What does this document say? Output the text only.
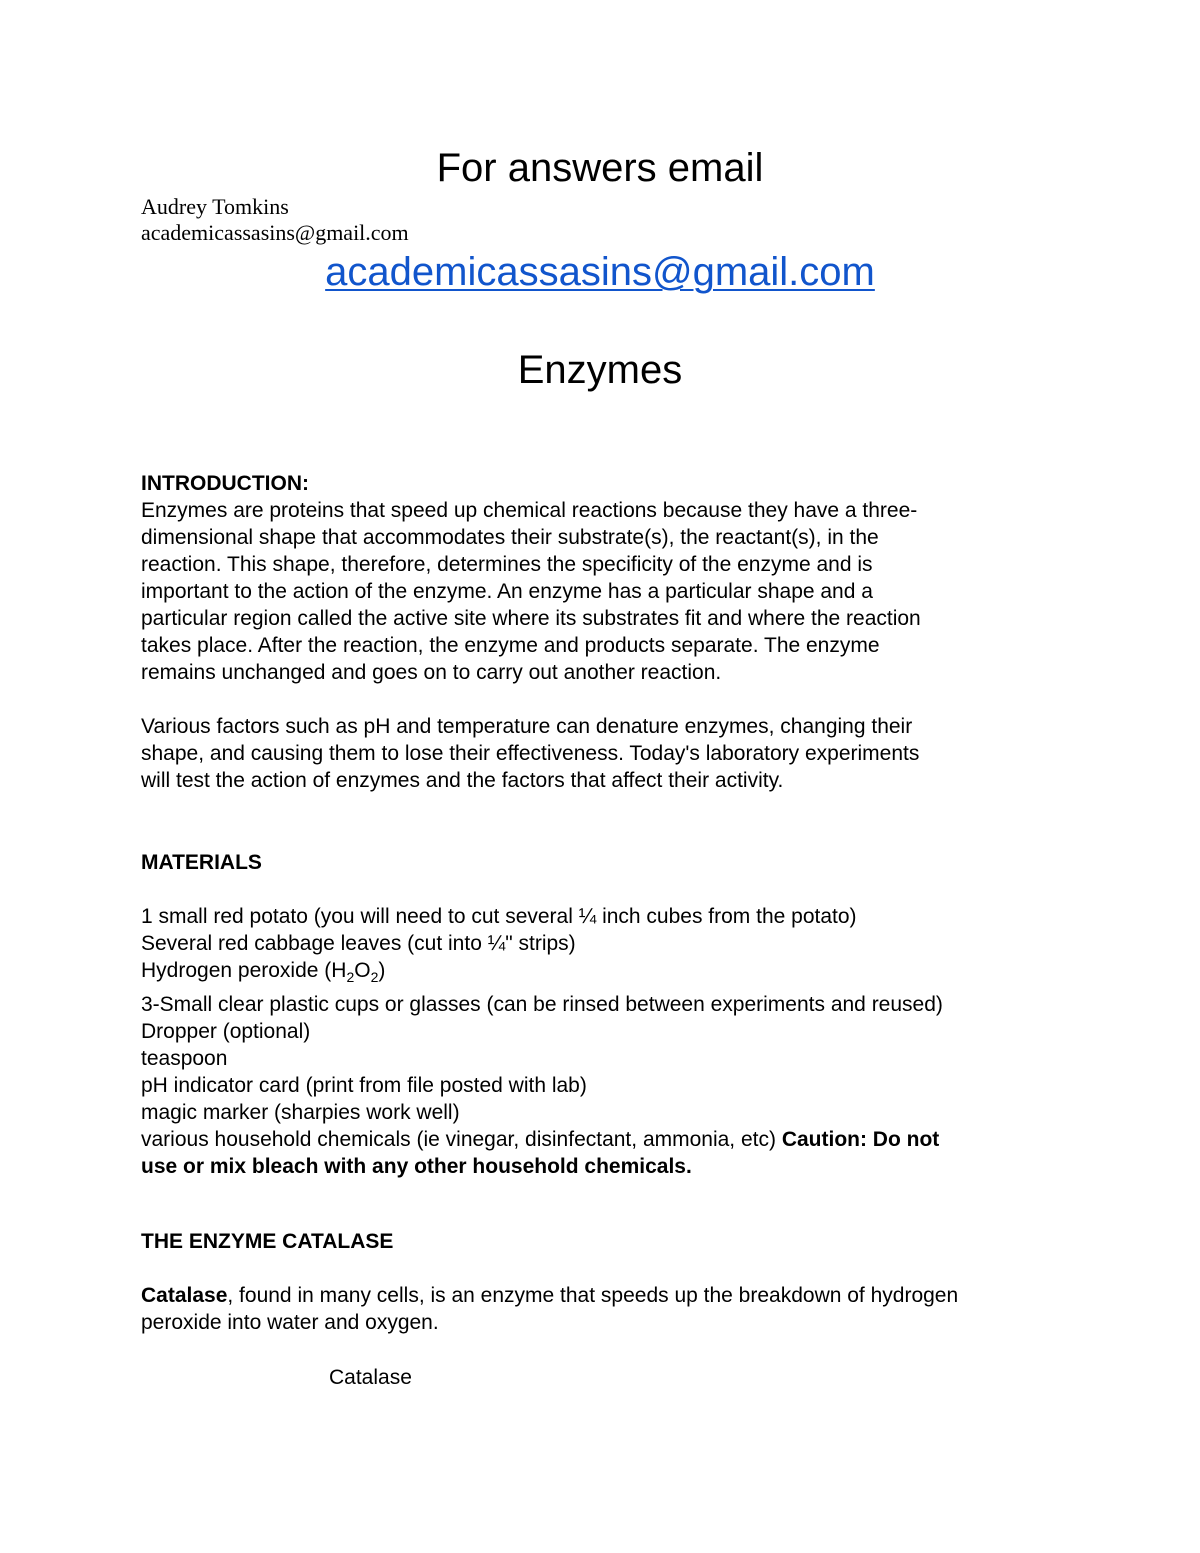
For answers email
Audrey Tomkins
academicassasins@gmail.com
academicassasins@gmail.com
Enzymes
INTRODUCTION:
Enzymes are proteins that speed up chemical reactions because they have a three-
dimensional shape that accommodates their substrate(s), the reactant(s), in the
reaction. This shape, therefore, determines the specificity of the enzyme and is
important to the action of the enzyme. An enzyme has a particular shape and a
particular region called the active site where its substrates fit and where the reaction
takes place. After the reaction, the enzyme and products separate. The enzyme
remains unchanged and goes on to carry out another reaction.
Various factors such as pH and temperature can denature enzymes, changing their
shape, and causing them to lose their effectiveness. Today's laboratory experiments
will test the action of enzymes and the factors that affect their activity.
MATERIALS
1 small red potato (you will need to cut several ¼ inch cubes from the potato)
Several red cabbage leaves (cut into ¼" strips)
Hydrogen peroxide $(H_2O_2)$
3-Small clear plastic cups or glasses (can be rinsed between experiments and reused)
Dropper (optional)
teaspoon
pH indicator card (print from file posted with lab)
magic marker (sharpies work well)
various household chemicals (ie vinegar, disinfectant, ammonia, etc) Caution: Do not
use or mix bleach with any other household chemicals.
THE ENZYME CATALASE
Catalase, found in many cells, is an enzyme that speeds up the breakdown of hydrogen
peroxide into water and oxygen.
Catalase
